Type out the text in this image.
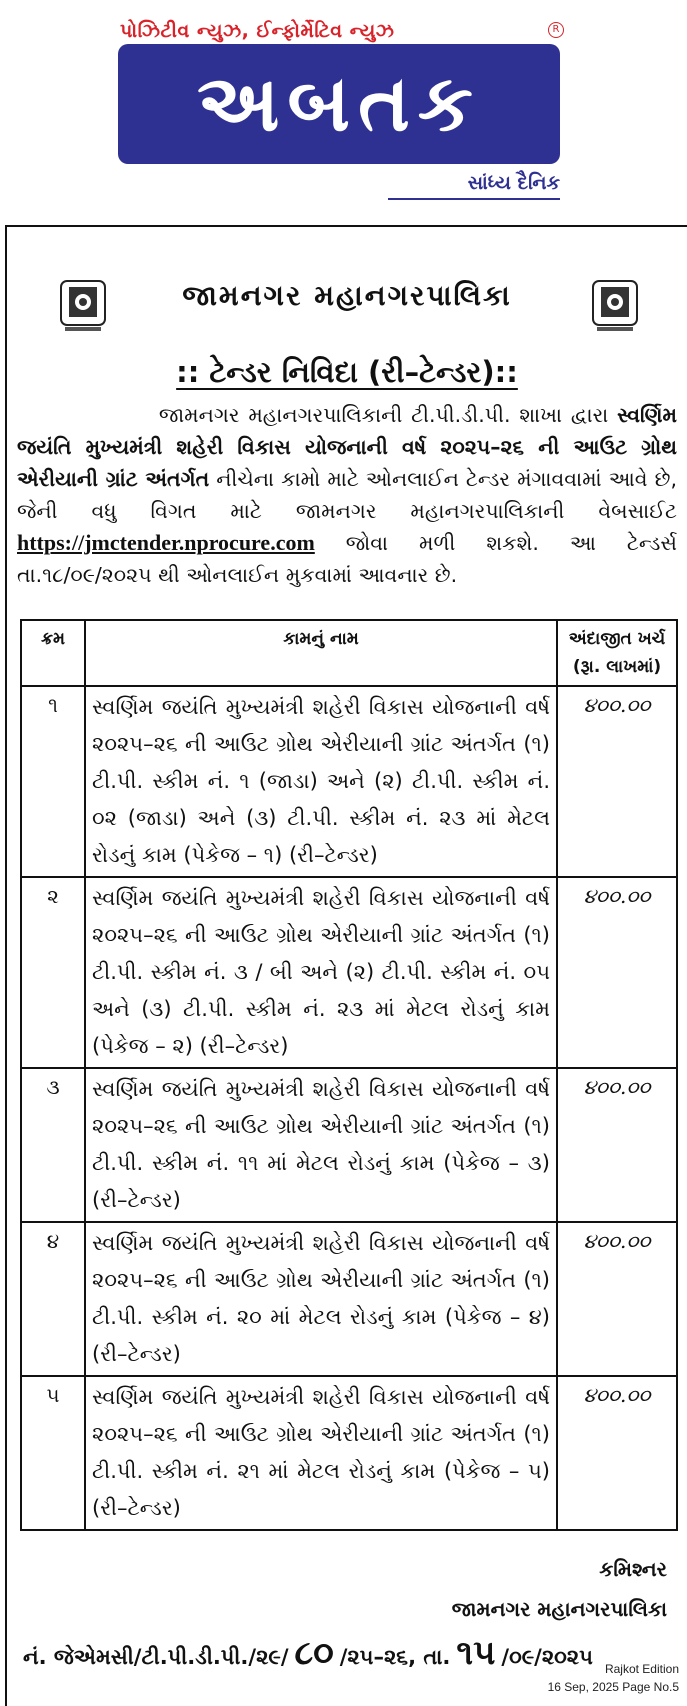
પોઝિટીવ ન્યુઝ, ઈન્ફોર્મેટિવ ન્યુઝ	R
અબતક
સાંધ્ય દૈનિક
જામનગર મહાનગરપાલિકા
:: ટેન્ડર નિવિદા (રી–ટેન્ડર)::
જામનગર મહાનગરપાલિકાની ટી.પી.ડી.પી. શાખા દ્વારા સ્વર્ણિમ જયંતિ મુખ્યમંત્રી શહેરી વિકાસ યોજનાની વર્ષ ૨૦૨૫–૨૬ ની આઉટ ગ્રોથ એરીયાની ગ્રાંટ અંતર્ગત નીચેના કામો માટે ઓનલાઈન ટેન્ડર મંગાવવામાં આવે છે, જેની વધુ વિગત માટે જામનગર મહાનગરપાલિકાની વેબસાઈટ https://jmctender.nprocure.com જોવા મળી શકશે. આ ટેન્ડર્સ તા.૧૮/૦૯/૨૦૨૫ થી ઓનલાઈન મુકવામાં આવનાર છે.
ક્રમ	કામનું નામ	અંદાજીત ખર્ચ
(રૂા. લાખમાં)
૧	સ્વર્ણિમ જયંતિ મુખ્યમંત્રી શહેરી વિકાસ યોજનાની વર્ષ ૨૦૨૫–૨૬ ની આઉટ ગ્રોથ એરીયાની ગ્રાંટ અંતર્ગત (૧) ટી.પી. સ્કીમ નં. ૧ (જાડા) અને (૨) ટી.પી. સ્કીમ નં. ૦૨ (જાડા) અને (૩) ટી.પી. સ્કીમ નં. ૨૩ માં મેટલ રોડનું કામ (પેકેજ – ૧) (રી–ટેન્ડર)	૪૦૦.૦૦
૨	સ્વર્ણિમ જયંતિ મુખ્યમંત્રી શહેરી વિકાસ યોજનાની વર્ષ ૨૦૨૫–૨૬ ની આઉટ ગ્રોથ એરીયાની ગ્રાંટ અંતર્ગત (૧) ટી.પી. સ્કીમ નં. ૩ / બી અને (૨) ટી.પી. સ્કીમ નં. ૦૫ અને (૩) ટી.પી. સ્કીમ નં. ૨૩ માં મેટલ રોડનું કામ (પેકેજ – ૨) (રી–ટેન્ડર)	૪૦૦.૦૦
૩	સ્વર્ણિમ જયંતિ મુખ્યમંત્રી શહેરી વિકાસ યોજનાની વર્ષ ૨૦૨૫–૨૬ ની આઉટ ગ્રોથ એરીયાની ગ્રાંટ અંતર્ગત (૧) ટી.પી. સ્કીમ નં. ૧૧ માં મેટલ રોડનું કામ (પેકેજ – ૩) (રી–ટેન્ડર)	૪૦૦.૦૦
૪	સ્વર્ણિમ જયંતિ મુખ્યમંત્રી શહેરી વિકાસ યોજનાની વર્ષ ૨૦૨૫–૨૬ ની આઉટ ગ્રોથ એરીયાની ગ્રાંટ અંતર્ગત (૧) ટી.પી. સ્કીમ નં. ૨૦ માં મેટલ રોડનું કામ (પેકેજ – ૪) (રી–ટેન્ડર)	૪૦૦.૦૦
૫	સ્વર્ણિમ જયંતિ મુખ્યમંત્રી શહેરી વિકાસ યોજનાની વર્ષ ૨૦૨૫–૨૬ ની આઉટ ગ્રોથ એરીયાની ગ્રાંટ અંતર્ગત (૧) ટી.પી. સ્કીમ નં. ૨૧ માં મેટલ રોડનું કામ (પેકેજ – ૫) (રી–ટેન્ડર)	૪૦૦.૦૦
કમિશ્નર
જામનગર મહાનગરપાલિકા
નં. જેએમસી/ટી.પી.ડી.પી./૨૯/ ૮૦ /૨૫–૨૬, તા. ૧૫ /૦૯/૨૦૨૫	Rajkot Edition
16 Sep, 2025 Page No.5
